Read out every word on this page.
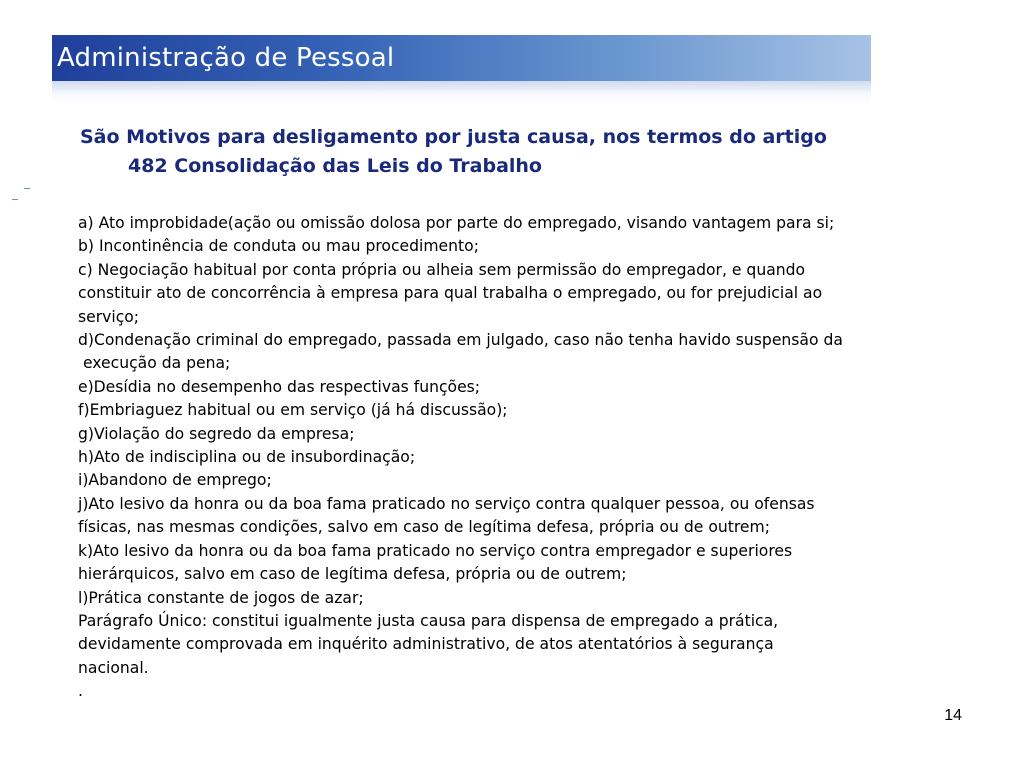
Administração de Pessoal
São Motivos para desligamento por justa causa, nos termos do artigo
482 Consolidação das Leis do Trabalho
a) Ato improbidade(ação ou omissão dolosa por parte do empregado, visando vantagem para si;
b) Incontinência de conduta ou mau procedimento;
c) Negociação habitual por conta própria ou alheia sem permissão do empregador, e quando
constituir ato de concorrência à empresa para qual trabalha o empregado, ou for prejudicial ao
serviço;
d)Condenação criminal do empregado, passada em julgado, caso não tenha havido suspensão da
execução da pena;
e)Desídia no desempenho das respectivas funções;
f)Embriaguez habitual ou em serviço (já há discussão);
g)Violação do segredo da empresa;
h)Ato de indisciplina ou de insubordinação;
i)Abandono de emprego;
j)Ato lesivo da honra ou da boa fama praticado no serviço contra qualquer pessoa, ou ofensas
físicas, nas mesmas condições, salvo em caso de legítima defesa, própria ou de outrem;
k)Ato lesivo da honra ou da boa fama praticado no serviço contra empregador e superiores
hierárquicos, salvo em caso de legítima defesa, própria ou de outrem;
l)Prática constante de jogos de azar;
Parágrafo Único: constitui igualmente justa causa para dispensa de empregado a prática,
devidamente comprovada em inquérito administrativo, de atos atentatórios à segurança
nacional.
.
14
